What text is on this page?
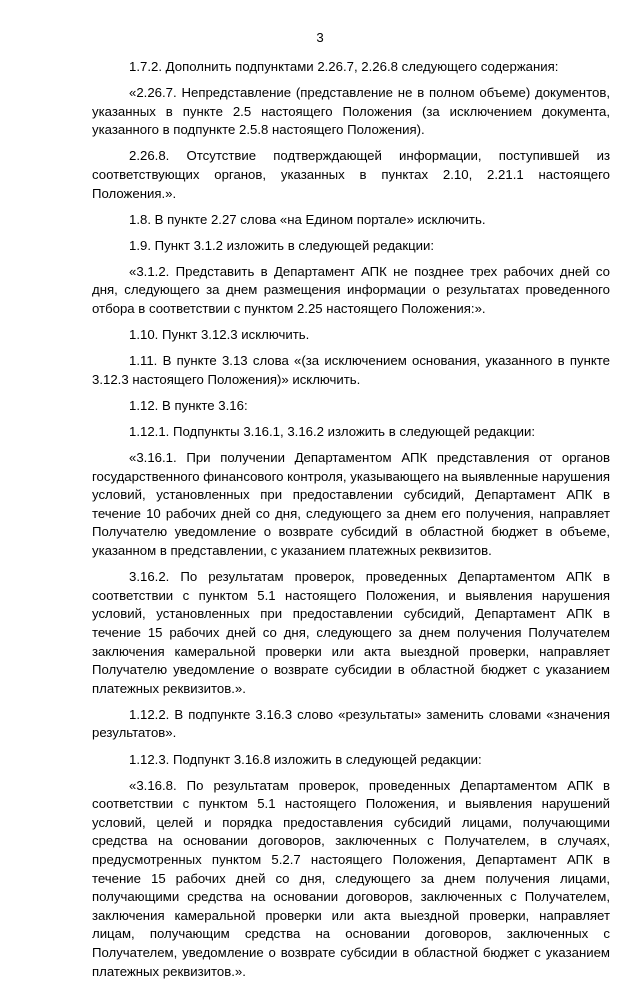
3

1.7.2. Дополнить подпунктами 2.26.7, 2.26.8 следующего содержания:

«2.26.7. Непредставление (представление не в полном объеме) документов, указанных в пункте 2.5 настоящего Положения (за исключением документа, указанного в подпункте 2.5.8 настоящего Положения).

2.26.8. Отсутствие подтверждающей информации, поступившей из соответствующих органов, указанных в пунктах 2.10, 2.21.1 настоящего Положения.».

1.8. В пункте 2.27 слова «на Едином портале» исключить.

1.9. Пункт 3.1.2 изложить в следующей редакции:

«3.1.2. Представить в Департамент АПК не позднее трех рабочих дней со дня, следующего за днем размещения информации о результатах проведенного отбора в соответствии с пунктом 2.25 настоящего Положения:».

1.10. Пункт 3.12.3 исключить.

1.11. В пункте 3.13 слова «(за исключением основания, указанного в пункте 3.12.3 настоящего Положения)» исключить.

1.12. В пункте 3.16:

1.12.1. Подпункты 3.16.1, 3.16.2 изложить в следующей редакции:

«3.16.1. При получении Департаментом АПК представления от органов государственного финансового контроля, указывающего на выявленные нарушения условий, установленных при предоставлении субсидий, Департамент АПК в течение 10 рабочих дней со дня, следующего за днем его получения, направляет Получателю уведомление о возврате субсидий в областной бюджет в объеме, указанном в представлении, с указанием платежных реквизитов.

3.16.2. По результатам проверок, проведенных Департаментом АПК в соответствии с пунктом 5.1 настоящего Положения, и выявления нарушения условий, установленных при предоставлении субсидий, Департамент АПК в течение 15 рабочих дней со дня, следующего за днем получения Получателем заключения камеральной проверки или акта выездной проверки, направляет Получателю уведомление о возврате субсидии в областной бюджет с указанием платежных реквизитов.».

1.12.2. В подпункте 3.16.3 слово «результаты» заменить словами «значения результатов».

1.12.3. Подпункт 3.16.8 изложить в следующей редакции:

«3.16.8. По результатам проверок, проведенных Департаментом АПК в соответствии с пунктом 5.1 настоящего Положения, и выявления нарушений условий, целей и порядка предоставления субсидий лицами, получающими средства на основании договоров, заключенных с Получателем, в случаях, предусмотренных пунктом 5.2.7 настоящего Положения, Департамент АПК в течение 15 рабочих дней со дня, следующего за днем получения лицами, получающими средства на основании договоров, заключенных с Получателем, заключения камеральной проверки или акта выездной проверки, направляет лицам, получающим средства на основании договоров, заключенных с Получателем, уведомление о возврате субсидии в областной бюджет с указанием платежных реквизитов.».
